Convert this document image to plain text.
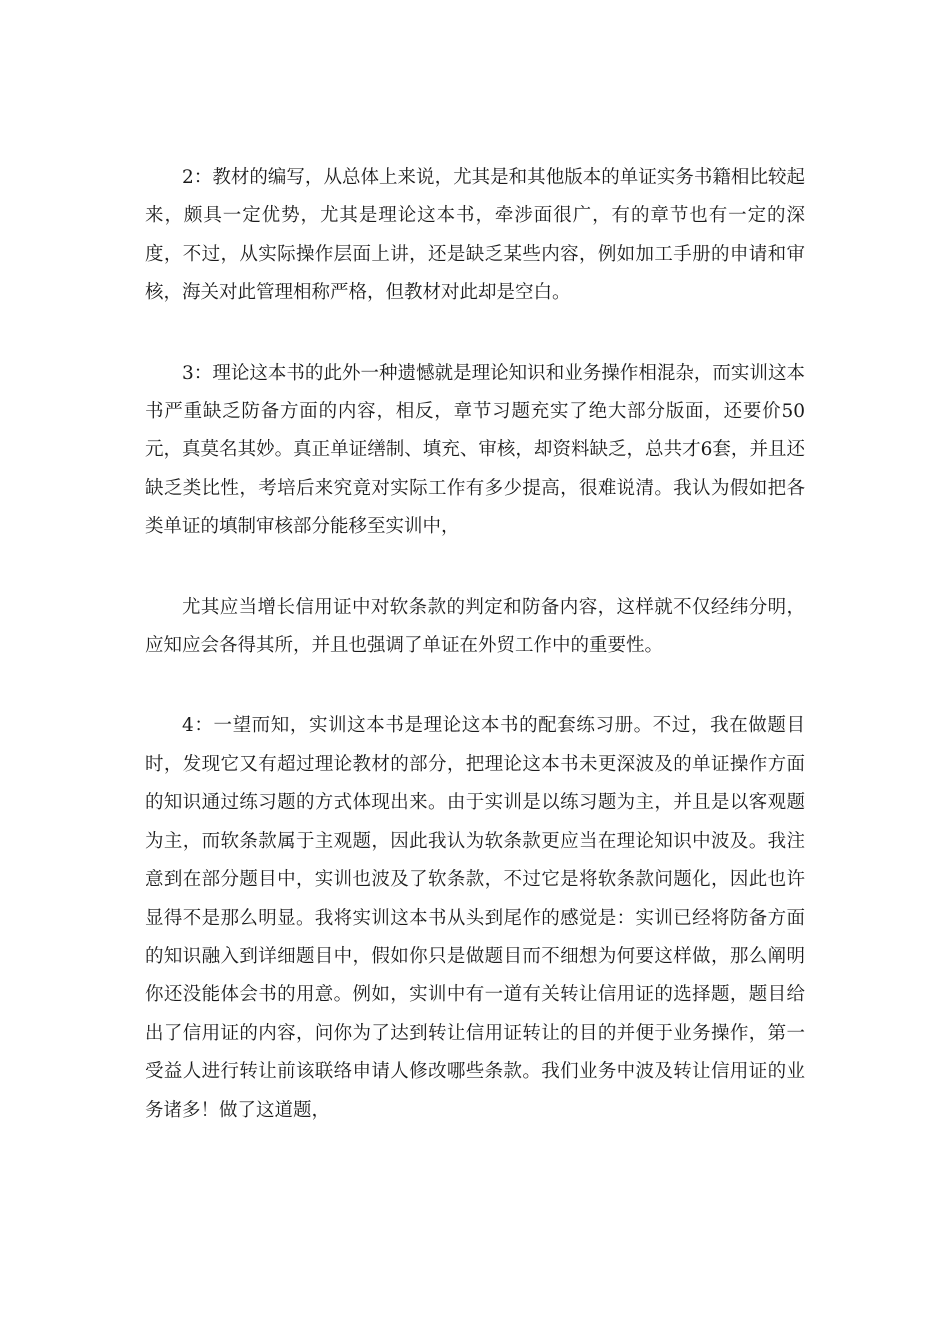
2：教材的编写，从总体上来说，尤其是和其他版本的单证实务书籍相比较起来，颇具一定优势，尤其是理论这本书，牵涉面很广，有的章节也有一定的深度，不过，从实际操作层面上讲，还是缺乏某些内容，例如加工手册的申请和审核，海关对此管理相称严格，但教材对此却是空白。

3：理论这本书的此外一种遗憾就是理论知识和业务操作相混杂，而实训这本书严重缺乏防备方面的内容，相反，章节习题充实了绝大部分版面，还要价50元，真莫名其妙。真正单证缮制、填充、审核，却资料缺乏，总共才6套，并且还缺乏类比性，考培后来究竟对实际工作有多少提高，很难说清。我认为假如把各类单证的填制审核部分能移至实训中，

尤其应当增长信用证中对软条款的判定和防备内容，这样就不仅经纬分明，应知应会各得其所，并且也强调了单证在外贸工作中的重要性。

4：一望而知，实训这本书是理论这本书的配套练习册。不过，我在做题目时，发现它又有超过理论教材的部分，把理论这本书未更深波及的单证操作方面的知识通过练习题的方式体现出来。由于实训是以练习题为主，并且是以客观题为主，而软条款属于主观题，因此我认为软条款更应当在理论知识中波及。我注意到在部分题目中，实训也波及了软条款，不过它是将软条款问题化，因此也许显得不是那么明显。我将实训这本书从头到尾作的感觉是：实训已经将防备方面的知识融入到详细题目中，假如你只是做题目而不细想为何要这样做，那么阐明你还没能体会书的用意。例如，实训中有一道有关转让信用证的选择题，题目给出了信用证的内容，问你为了达到转让信用证转让的目的并便于业务操作，第一受益人进行转让前该联络申请人修改哪些条款。我们业务中波及转让信用证的业务诸多！做了这道题，
